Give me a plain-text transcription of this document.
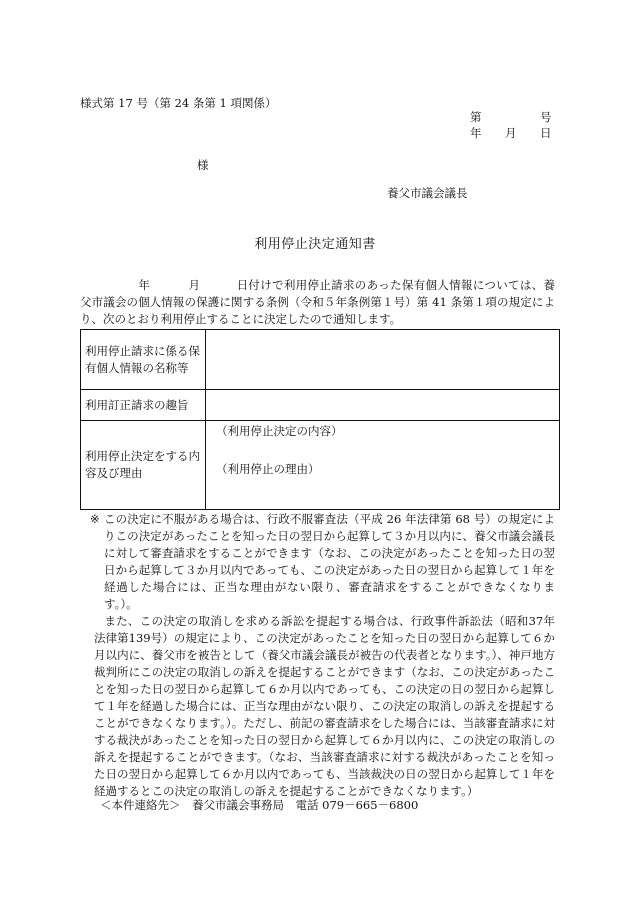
様式第 17 号（第 24 条第 1 項関係）
第	号
年 月 日
様
養父市議会議長
利用停止決定通知書
年	月	日付けで利用停止請求のあった保有個人情報については、養父市議会の個人情報の保護に関する条例（令和５年条例第１号）第 41 条第１項の規定により、次のとおり利用停止することに決定したので通知します。
利用停止請求に係る保有個人情報の名称等	
利用訂正請求の趣旨	
利用停止決定をする内容及び理由	（利用停止決定の内容）
（利用停止の理由）
※ この決定に不服がある場合は、行政不服審査法（平成 26 年法律第 68 号）の規定によりこの決定があったことを知った日の翌日から起算して３か月以内に、養父市議会議長に対して審査請求をすることができます（なお、この決定があったことを知った日の翌日から起算して３か月以内であっても、この決定があった日の翌日から起算して１年を経過した場合には、正当な理由がない限り、審査請求をすることができなくなります。）。

また、この決定の取消しを求める訴訟を提起する場合は、行政事件訴訟法（昭和37年法律第139号）の規定により、この決定があったことを知った日の翌日から起算して６か月以内に、養父市を被告として（養父市議会議長が被告の代表者となります。）、神戸地方裁判所にこの決定の取消しの訴えを提起することができます（なお、この決定があったことを知った日の翌日から起算して６か月以内であっても、この決定の日の翌日から起算して１年を経過した場合には、正当な理由がない限り、この決定の取消しの訴えを提起することができなくなります。）。ただし、前記の審査請求をした場合には、当該審査請求に対する裁決があったことを知った日の翌日から起算して６か月以内に、この決定の取消しの訴えを提起することができます。（なお、当該審査請求に対する裁決があったことを知った日の翌日から起算して６か月以内であっても、当該裁決の日の翌日から起算して１年を経過するとこの決定の取消しの訴えを提起することができなくなります。）

＜本件連絡先＞　養父市議会事務局　電話 079－665－6800
